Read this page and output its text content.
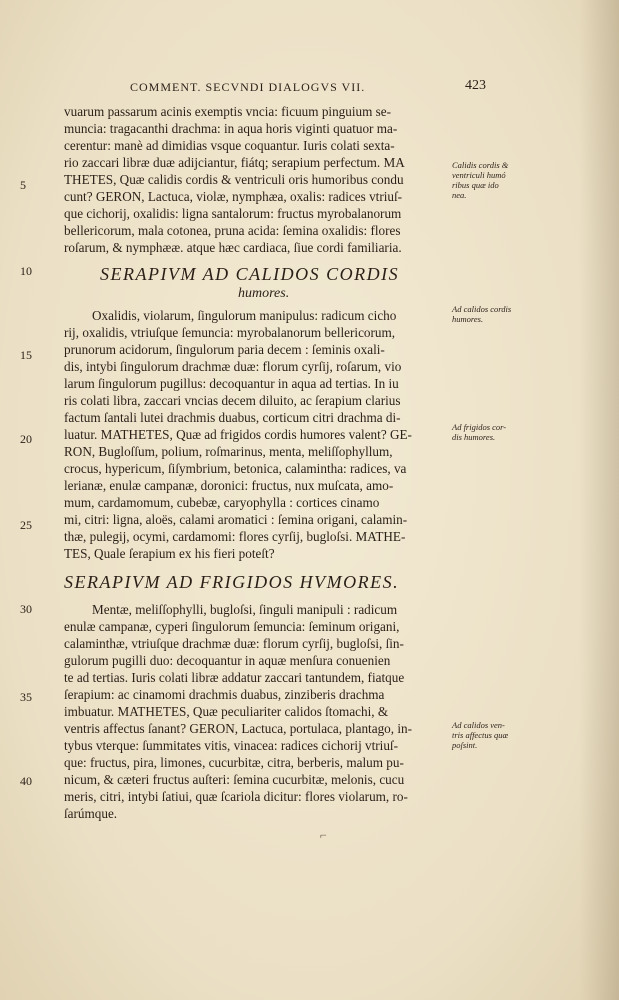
COMMENT. SECVNDI DIALOGVS VII.	423
5
10
15
20
25
30
35
40
vuarum passarum acinis exemptis vncia: ficuum pinguium se-
muncia: tragacanthi drachma: in aqua horis viginti quatuor ma-
cerentur: manè ad dimidias vsque coquantur. Iuris colati sexta-
rio zaccari libræ duæ adijciantur, fiátq; serapium perfectum. MA
THETES, Quæ calidis cordis & ventriculi oris humoribus condu
cunt? GERON, Lactuca, violæ, nymphæa, oxalis: radices vtriuſ-
que cichorij, oxalidis: ligna santalorum: fructus myrobalanorum
bellericorum, mala cotonea, pruna acida: ſemina oxalidis: flores
roſarum, & nymphææ. atque hæc cardiaca, ſiue cordi familiaria.
SERAPIVM AD CALIDOS CORDIS
humores.
Oxalidis, violarum, ſingulorum manipulus: radicum cicho
rij, oxalidis, vtriuſque ſemuncia: myrobalanorum bellericorum,
prunorum acidorum, ſingulorum paria decem : ſeminis oxali-
dis, intybi ſingulorum drachmæ duæ: florum cyrſij, roſarum, vio
larum ſingulorum pugillus: decoquantur in aqua ad tertias. In iu
ris colati libra, zaccari vncias decem diluito, ac ſerapium clarius
factum ſantali lutei drachmis duabus, corticum citri drachma di-
luatur. MATHETES, Quæ ad frigidos cordis humores valent? GE-
RON, Bugloſſum, polium, roſmarinus, menta, meliſſophyllum,
crocus, hypericum, ſiſymbrium, betonica, calamintha: radices, va
lerianæ, enulæ campanæ, doronici: fructus, nux muſcata, amo-
mum, cardamomum, cubebæ, caryophylla : cortices cinamo
mi, citri: ligna, aloës, calami aromatici : ſemina origani, calamin-
thæ, pulegij, ocymi, cardamomi: flores cyrſij, bugloſsi. MATHE-
TES, Quale ſerapium ex his fieri poteſt?
SERAPIVM AD FRIGIDOS HVMORES.
Mentæ, meliſſophylli, bugloſsi, ſinguli manipuli : radicum
enulæ campanæ, cyperi ſingulorum ſemuncia: ſeminum origani,
calaminthæ, vtriuſque drachmæ duæ: florum cyrſij, bugloſsi, ſin-
gulorum pugilli duo: decoquantur in aquæ menſura conuenien
te ad tertias. Iuris colati libræ addatur zaccari tantundem, fiatque
ſerapium: ac cinamomi drachmis duabus, zinziberis drachma
imbuatur. MATHETES, Quæ peculiariter calidos ſtomachi, &
ventris affectus ſanant? GERON, Lactuca, portulaca, plantago, in-
tybus vterque: ſummitates vitis, vinacea: radices cichorij vtriuſ-
que: fructus, pira, limones, cucurbitæ, citra, berberis, malum pu-
nicum, & cæteri fructus auſteri: ſemina cucurbitæ, melonis, cucu
meris, citri, intybi ſatiui, quæ ſcariola dicitur: flores violarum, ro-
ſarúmque.
Calidis cordis &
ventriculi humó
ribus quæ ido
nea.
Ad calidos cordis
humores.
Ad frigidos cor-
dis humores.
Ad calidos ven-
tris affectus quæ
poſsint.
⌐
